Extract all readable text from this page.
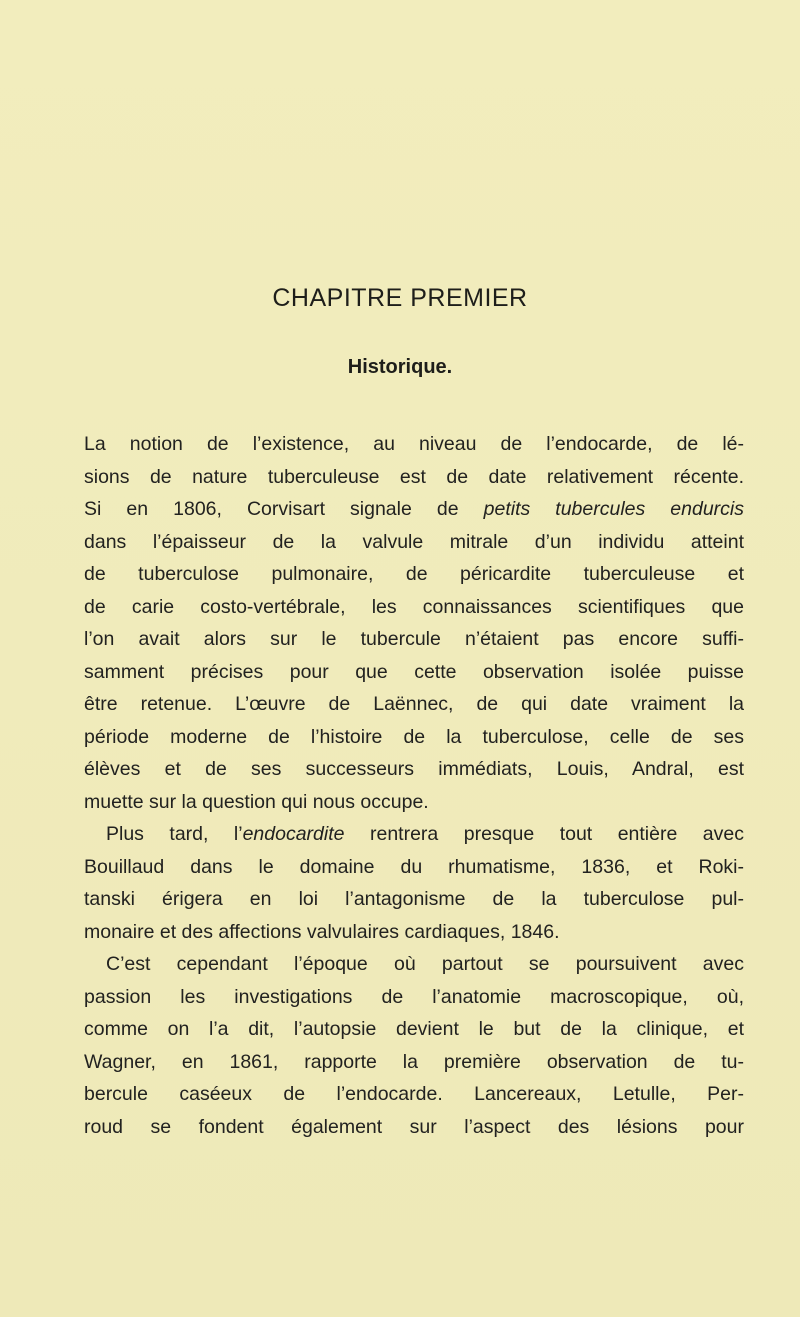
CHAPITRE PREMIER
Historique.
La notion de l’existence, au niveau de l’endocarde, de lé-
sions de nature tuberculeuse est de date relativement récente.
Si en 1806, Corvisart signale de petits tubercules endurcis
dans l’épaisseur de la valvule mitrale d’un individu atteint
de tuberculose pulmonaire, de péricardite tuberculeuse et
de carie costo-vertébrale, les connaissances scientifiques que
l’on avait alors sur le tubercule n’étaient pas encore suffi-
samment précises pour que cette observation isolée puisse
être retenue. L’œuvre de Laënnec, de qui date vraiment la
période moderne de l’histoire de la tuberculose, celle de ses
élèves et de ses successeurs immédiats, Louis, Andral, est
muette sur la question qui nous occupe.
Plus tard, l’endocardite rentrera presque tout entière avec
Bouillaud dans le domaine du rhumatisme, 1836, et Roki-
tanski érigera en loi l’antagonisme de la tuberculose pul-
monaire et des affections valvulaires cardiaques, 1846.
C’est cependant l’époque où partout se poursuivent avec
passion les investigations de l’anatomie macroscopique, où,
comme on l’a dit, l’autopsie devient le but de la clinique, et
Wagner, en 1861, rapporte la première observation de tu-
bercule caséeux de l’endocarde. Lancereaux, Letulle, Per-
roud se fondent également sur l’aspect des lésions pour
